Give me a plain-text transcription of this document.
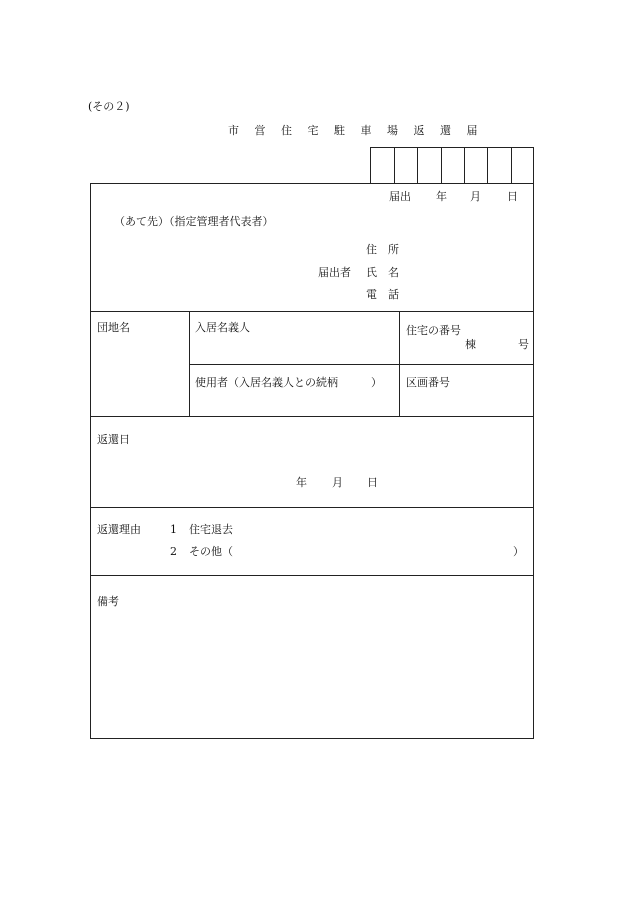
(その２)
市 営 住 宅 駐 車 場 返 還 届
届出 年 月 日
（あて先）（指定管理者代表者）
住　所
届出者 氏　名
電　話
団地名	入居名義人	住宅の番号
棟	号
使用者（入居名義人との続柄　　　） 区画番号
返還日
年 月 日
返還理由	1 住宅退去
2 その他（	）
備考
